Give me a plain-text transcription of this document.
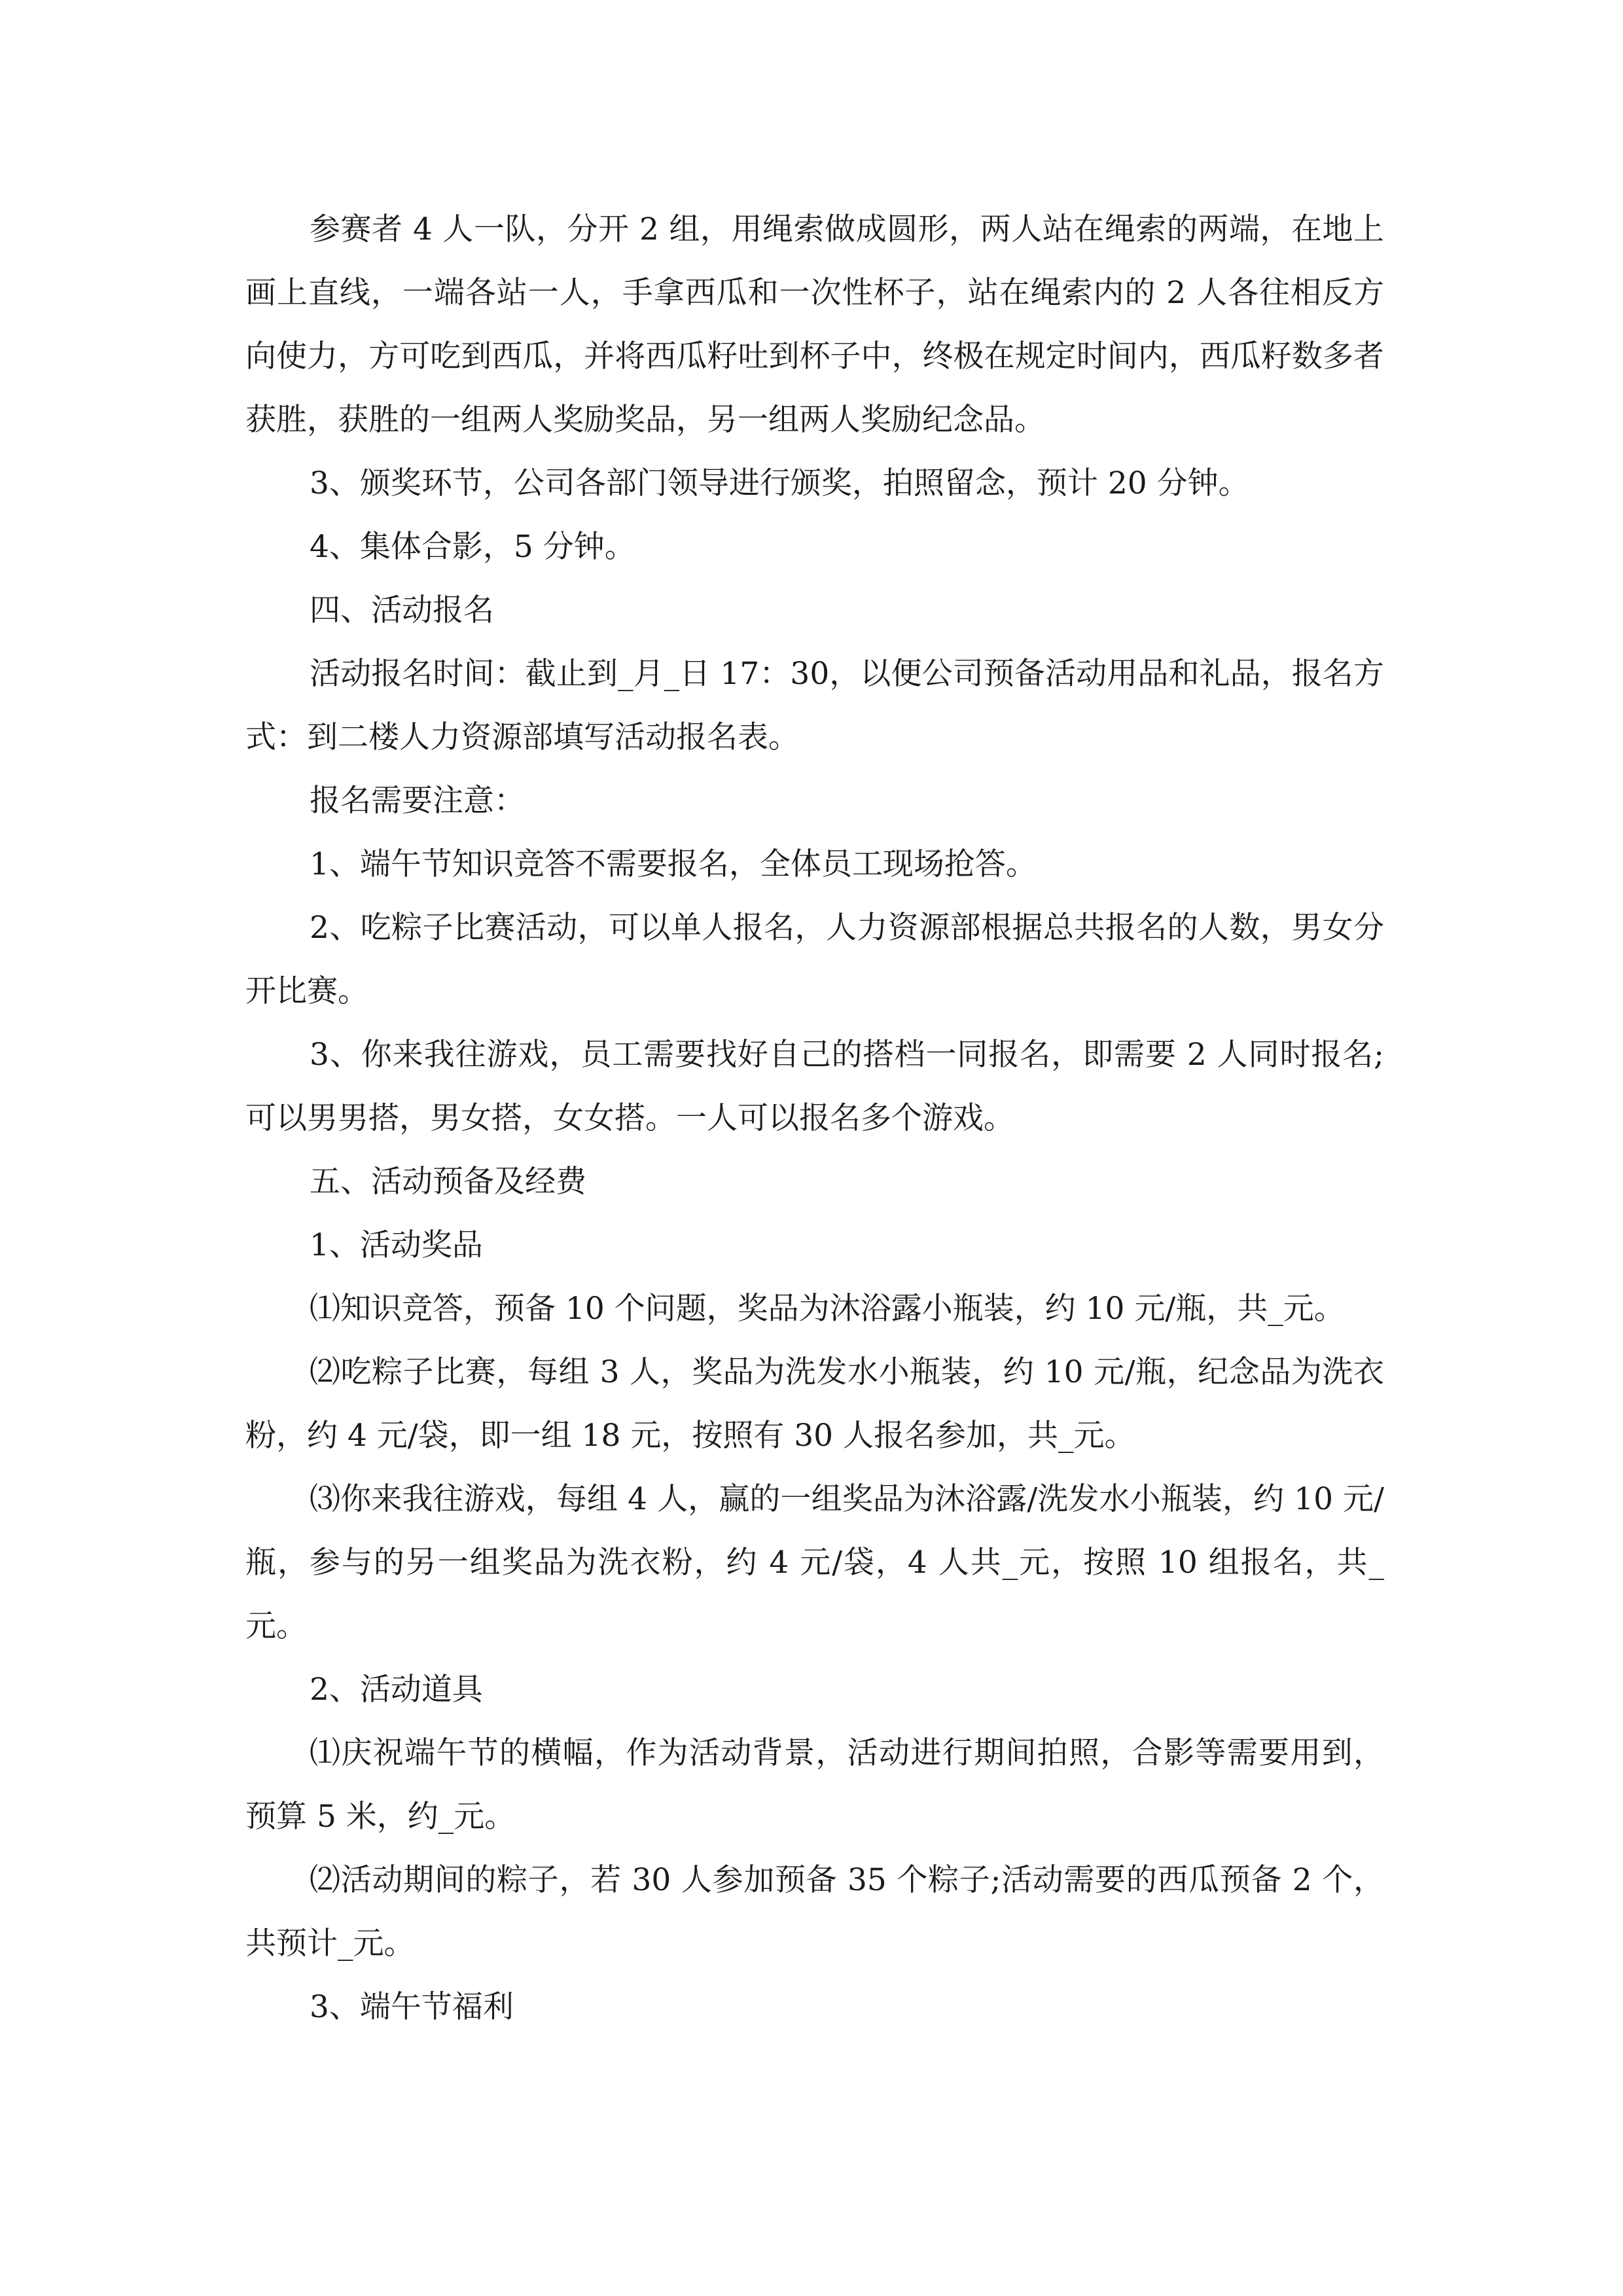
参赛者 4 人一队，分开 2 组，用绳索做成圆形，两人站在绳索的两端，在地上画上直线，一端各站一人，手拿西瓜和一次性杯子，站在绳索内的 2 人各往相反方向使力，方可吃到西瓜，并将西瓜籽吐到杯子中，终极在规定时间内，西瓜籽数多者获胜，获胜的一组两人奖励奖品，另一组两人奖励纪念品。

3、颁奖环节，公司各部门领导进行颁奖，拍照留念，预计 20 分钟。

4、集体合影，5 分钟。

四、活动报名

活动报名时间：截止到_月_日 17：30，以便公司预备活动用品和礼品，报名方式：到二楼人力资源部填写活动报名表。

报名需要注意：

1、端午节知识竞答不需要报名，全体员工现场抢答。

2、吃粽子比赛活动，可以单人报名，人力资源部根据总共报名的人数，男女分开比赛。

3、你来我往游戏，员工需要找好自己的搭档一同报名，即需要 2 人同时报名;可以男男搭，男女搭，女女搭。一人可以报名多个游戏。

五、活动预备及经费

1、活动奖品

⑴知识竞答，预备 10 个问题，奖品为沐浴露小瓶装，约 10 元/瓶，共_元。

⑵吃粽子比赛，每组 3 人，奖品为洗发水小瓶装，约 10 元/瓶，纪念品为洗衣粉，约 4 元/袋，即一组 18 元，按照有 30 人报名参加，共_元。

⑶你来我往游戏，每组 4 人，赢的一组奖品为沐浴露/洗发水小瓶装，约 10 元/瓶，参与的另一组奖品为洗衣粉，约 4 元/袋，4 人共_元，按照 10 组报名，共_元。

2、活动道具

⑴庆祝端午节的横幅，作为活动背景，活动进行期间拍照，合影等需要用到，预算 5 米，约_元。

⑵活动期间的粽子，若 30 人参加预备 35 个粽子;活动需要的西瓜预备 2 个，共预计_元。

3、端午节福利
